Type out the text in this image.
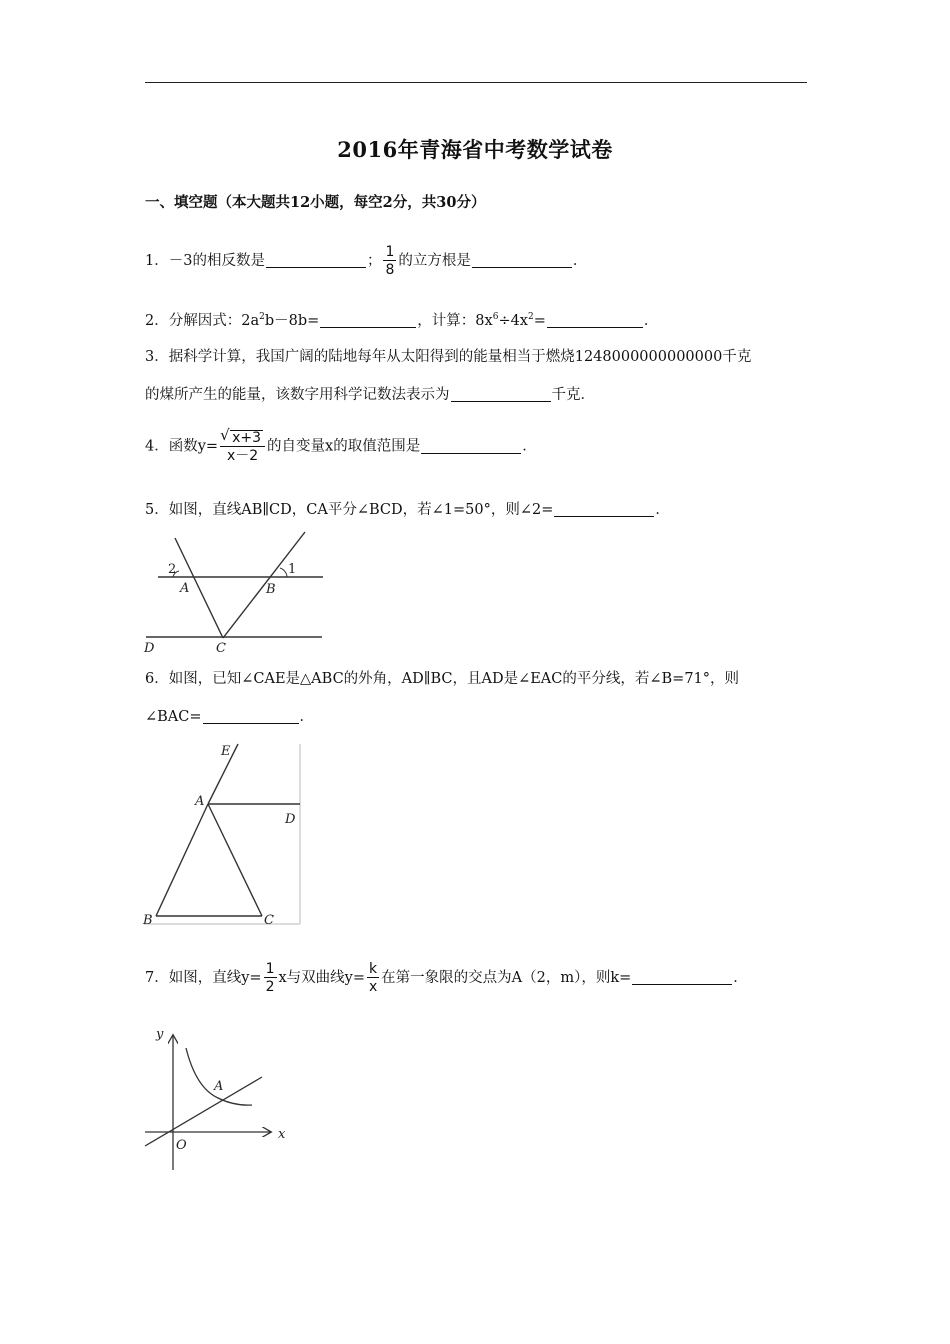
2016年青海省中考数学试卷
一、填空题（本大题共12小题，每空2分，共30分）
1．－3的相反数是	； $\frac{1}{8}$ 的立方根是	．
2．分解因式：$2a^2b-8b=$	，计算：$8x^6\div 4x^2=$	．
3．据科学计算，我国广阔的陆地每年从太阳得到的能量相当于燃烧1248000000000000千克
的煤所产生的能量，该数字用科学记数法表示为	千克．
4．函数y=
√ $\frac{x+3}{x-2}$ 的自变量x的取值范围是	．
5．如图，直线AB∥CD，CA平分∠BCD，若∠1=50°，则∠2=	．
2	1
A	B
C
D
6．如图，已知∠CAE是△ABC的外角，AD∥BC，且AD是∠EAC的平分线，若∠B=71°，则
∠BAC=	．
E
A
D
B	C
7．如图，直线$y= \frac{1}{2}$ x与双曲线$y= \frac{k}{x}$ 在第一象限的交点为A（2，m），则k=	．
y
x
O
A
